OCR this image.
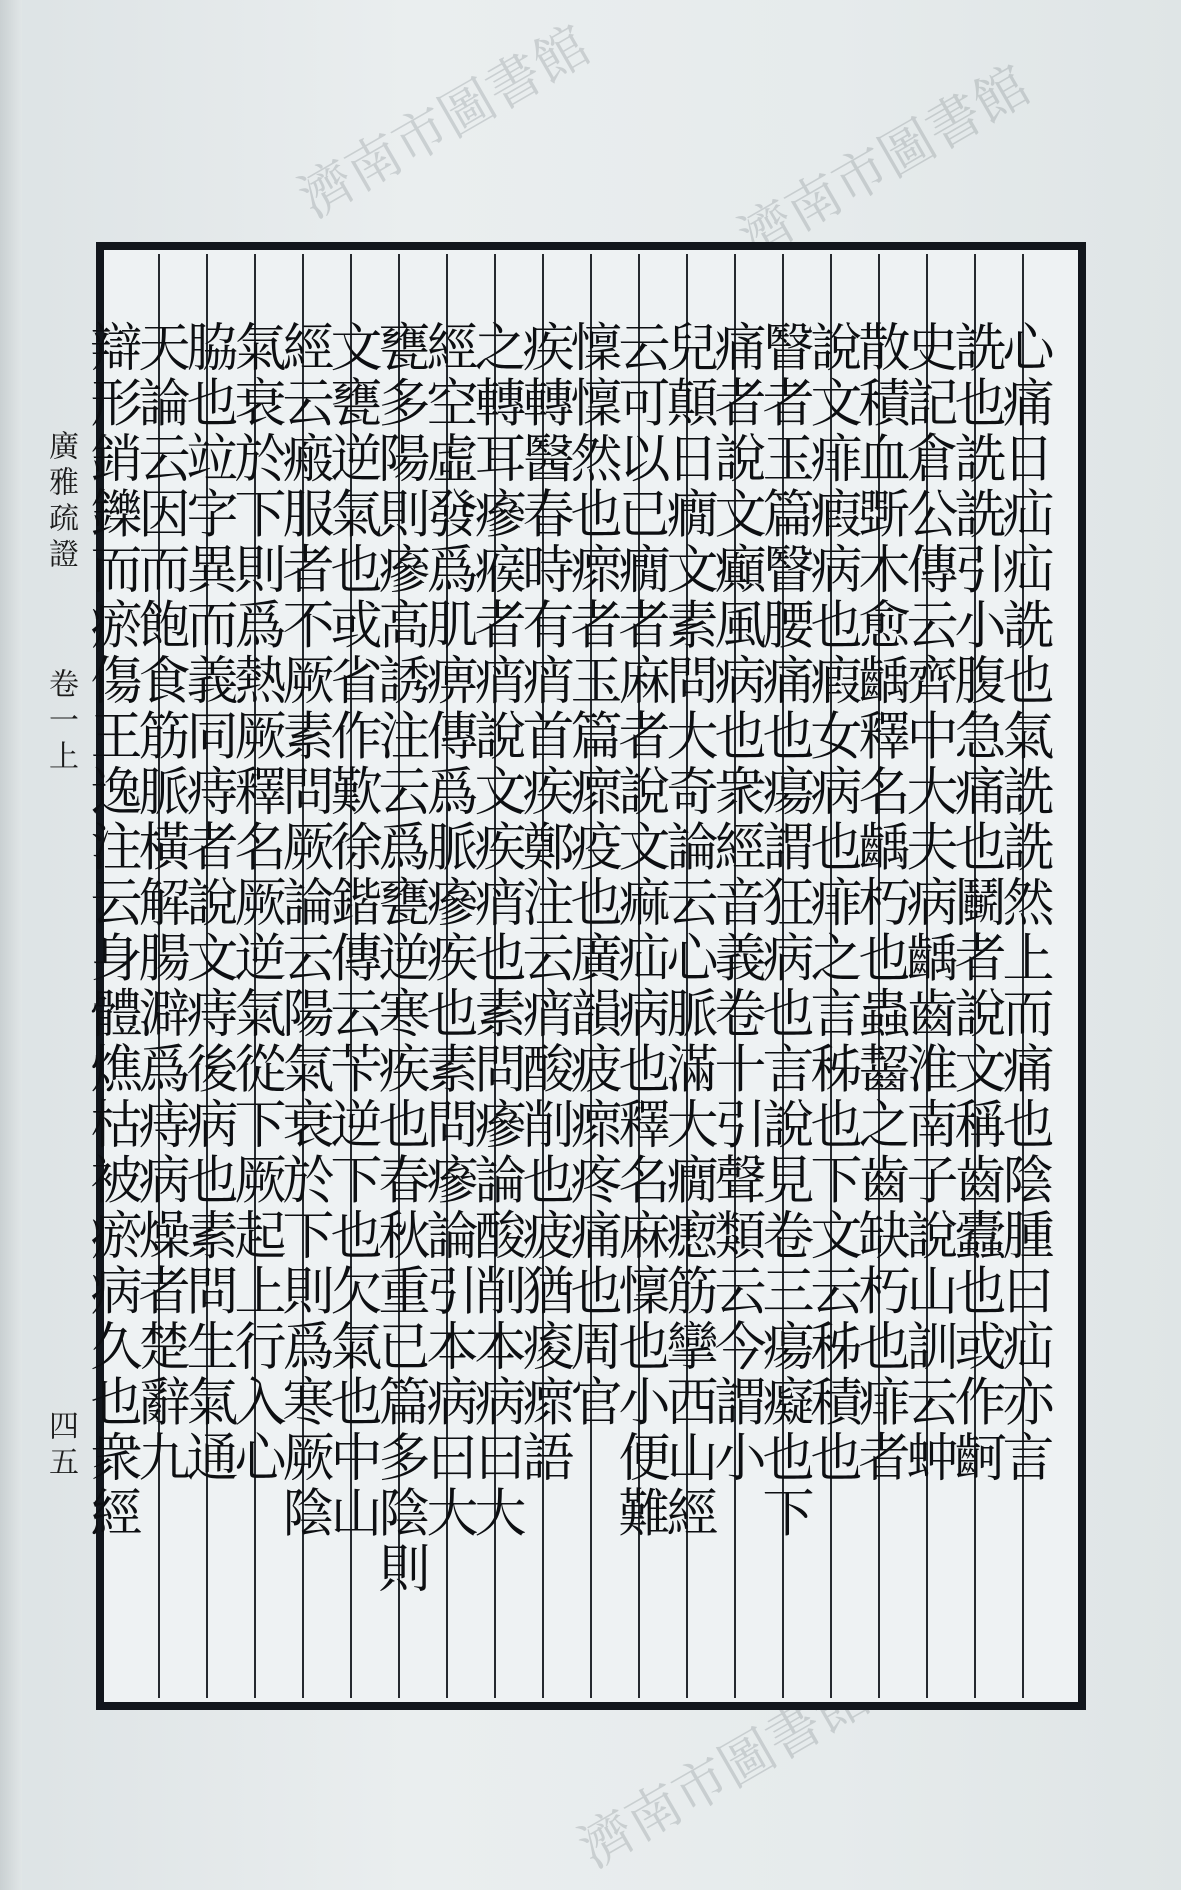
廣雅疏證
卷一上
四五	心痛日疝疝詵也氣詵詵然上而痛也陰腫曰疝亦言
詵也詵詵引小腹急痛也鬭者說文稱齒蠹也或作䶗
史記倉公傳云齊中大夫病齲齒淮南子說山訓云蚛
散積血斲木愈齲釋名齲朽也蟲齧之齒缺朽也痱者
說文痱瘕病也瘕女病也痱之言秭也下文云秭積也
瞖者玉篇瞖腰痛也瘍謂狂病也言說見卷三瘍癡也下
痛者說文癲風病也衆經音義卷十引聲類云今謂小
兒顛日癇文素問大奇論云心脈滿大癇瘛筋攣西山經
云可以已癇者麻者說文痲疝病也釋名麻懍也小便難
懍懍然也瘝者玉篇瘝疫也廣韻疲瘝疼痛也周官
疾轉醫春時有痟首疾鄭注云痟酸削也疲猶痠瘝語
之轉耳瘮瘊者痟說文疾痟也素問瘮論酸削本病曰大
經空虛發爲肌痹傳爲脈瘮疾也素問瘮論引本病曰大
甕多陽則瘮高誘注云爲甕逆寒疾也春秋重已篇多陰則
文甕逆氣也或省作歎徐鍇傳云苄逆下也欠氣也中山
經云瘢服者不厥素問厥論云陽氣衰於下則爲寒厥陰
氣衰於下則爲熱厥釋名厥逆氣從下厥起上行入心
脇也竝字異而義同痔者說文痔後病也素問生氣通
天論云因而飽食筋脈橫解腸澼爲痔病燥者楚辭九
辯形銷鑠而瘀傷王逸注云身體燋枯被瘀病久也衆經
